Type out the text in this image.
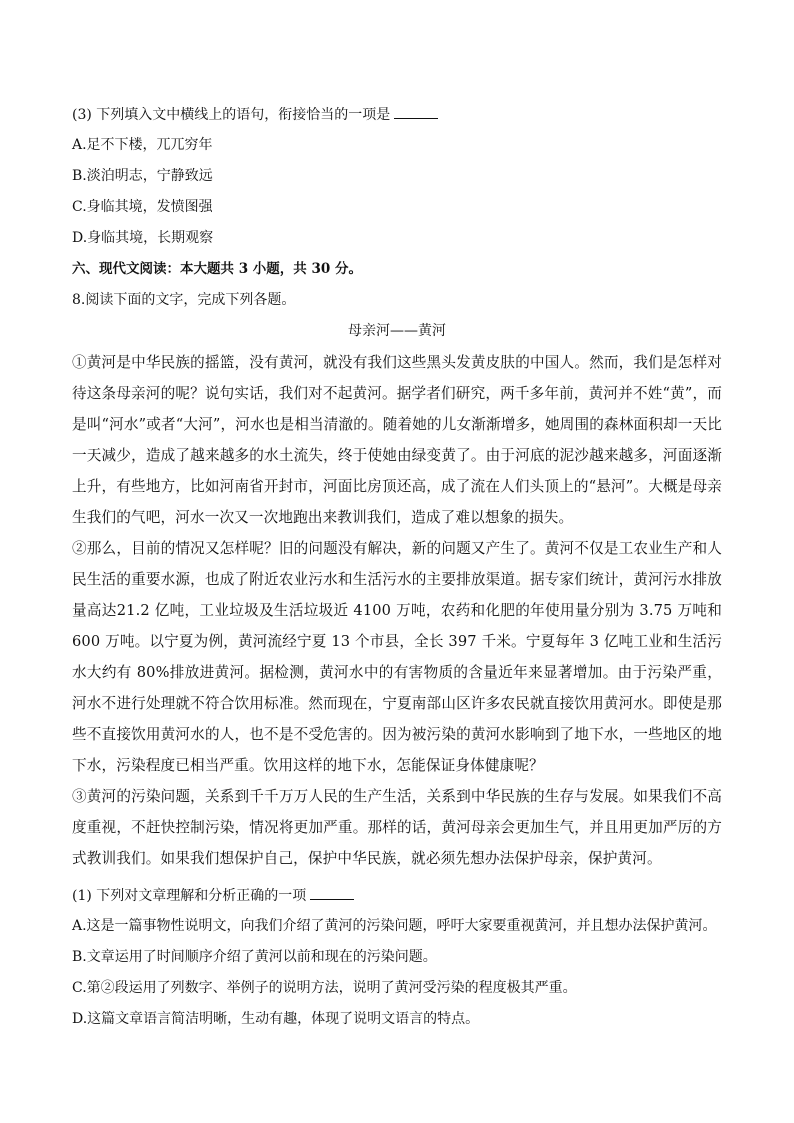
(3) 下列填入文中横线上的语句，衔接恰当的一项是
A.足不下楼，兀兀穷年
B.淡泊明志，宁静致远
C.身临其境，发愤图强
D.身临其境，长期观察
六、现代文阅读：本大题共 3 小题，共 30 分。
8.阅读下面的文字，完成下列各题。
母亲河——黄河
①黄河是中华民族的摇篮，没有黄河，就没有我们这些黑头发黄皮肤的中国人。然而，我们是怎样对待这条母亲河的呢？说句实话，我们对不起黄河。据学者们研究，两千多年前，黄河并不姓“黄”，而是叫“河水”或者“大河”，河水也是相当清澈的。随着她的儿女渐渐增多，她周围的森林面积却一天比一天减少，造成了越来越多的水土流失，终于使她由绿变黄了。由于河底的泥沙越来越多，河面逐渐上升，有些地方，比如河南省开封市，河面比房顶还高，成了流在人们头顶上的“悬河”。大概是母亲生我们的气吧，河水一次又一次地跑出来教训我们，造成了难以想象的损失。
②那么，目前的情况又怎样呢？旧的问题没有解决，新的问题又产生了。黄河不仅是工农业生产和人民生活的重要水源，也成了附近农业污水和生活污水的主要排放渠道。据专家们统计，黄河污水排放量高达21.2 亿吨，工业垃圾及生活垃圾近 4100 万吨，农药和化肥的年使用量分别为 3.75 万吨和 600 万吨。以宁夏为例，黄河流经宁夏 13 个市县，全长 397 千米。宁夏每年 3 亿吨工业和生活污水大约有 80%排放进黄河。据检测，黄河水中的有害物质的含量近年来显著增加。由于污染严重，河水不进行处理就不符合饮用标准。然而现在，宁夏南部山区许多农民就直接饮用黄河水。即使是那些不直接饮用黄河水的人，也不是不受危害的。因为被污染的黄河水影响到了地下水，一些地区的地下水，污染程度已相当严重。饮用这样的地下水，怎能保证身体健康呢？
③黄河的污染问题，关系到千千万万人民的生产生活，关系到中华民族的生存与发展。如果我们不高度重视，不赶快控制污染，情况将更加严重。那样的话，黄河母亲会更加生气，并且用更加严厉的方式教训我们。如果我们想保护自己，保护中华民族，就必须先想办法保护母亲，保护黄河。
(1) 下列对文章理解和分析正确的一项
A.这是一篇事物性说明文，向我们介绍了黄河的污染问题，呼吁大家要重视黄河，并且想办法保护黄河。
B.文章运用了时间顺序介绍了黄河以前和现在的污染问题。
C.第②段运用了列数字、举例子的说明方法，说明了黄河受污染的程度极其严重。
D.这篇文章语言简洁明晰，生动有趣，体现了说明文语言的特点。
